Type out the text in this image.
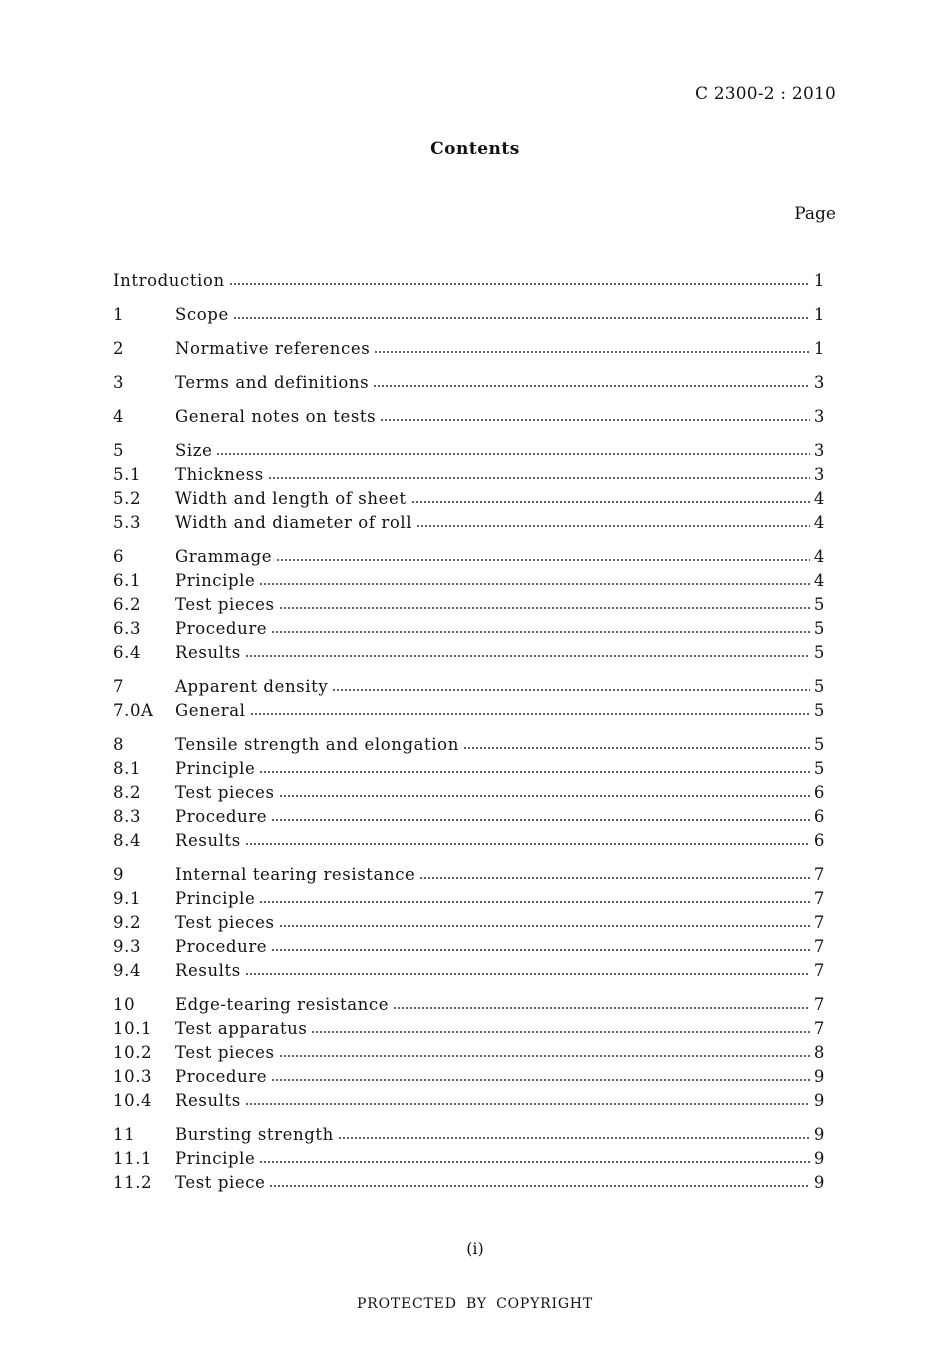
C 2300-2 : 2010
Contents
Page
Introduction	1
1	Scope	1
2	Normative references	1
3	Terms and definitions	3
4	General notes on tests	3
5	Size	3
5.1	Thickness	3
5.2	Width and length of sheet	4
5.3	Width and diameter of roll	4
6	Grammage	4
6.1	Principle	4
6.2	Test pieces	5
6.3	Procedure	5
6.4	Results	5
7	Apparent density	5
7.0A	General	5
8	Tensile strength and elongation	5
8.1	Principle	5
8.2	Test pieces	6
8.3	Procedure	6
8.4	Results	6
9	Internal tearing resistance	7
9.1	Principle	7
9.2	Test pieces	7
9.3	Procedure	7
9.4	Results	7
10	Edge-tearing resistance	7
10.1	Test apparatus	7
10.2	Test pieces	8
10.3	Procedure	9
10.4	Results	9
11	Bursting strength	9
11.1	Principle	9
11.2	Test piece	9
(i)
PROTECTED BY COPYRIGHT
